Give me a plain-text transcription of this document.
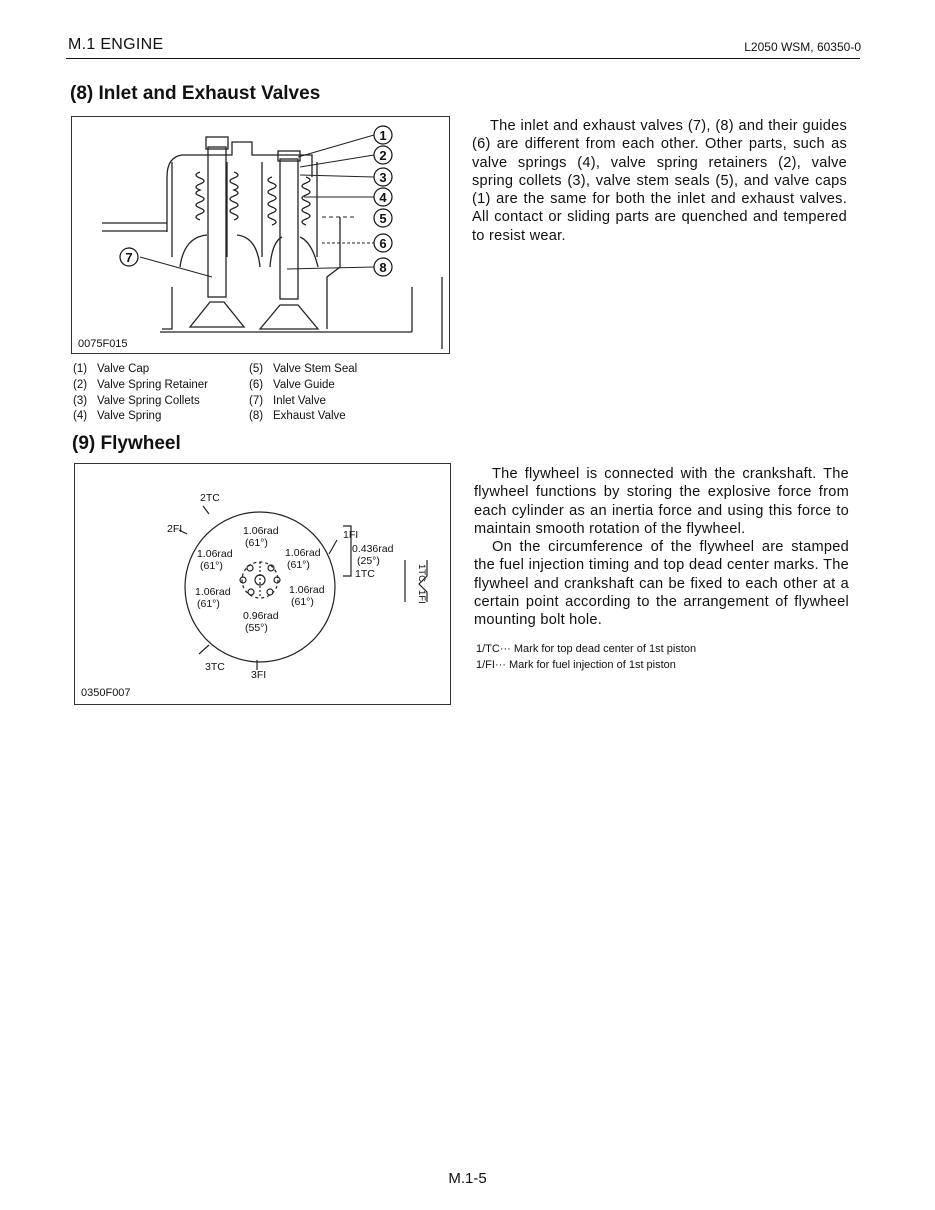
M.1 ENGINE	L2050 WSM, 60350-0
(8) Inlet and Exhaust Valves
1
2
3
4
5
6
7
8
0075F015
(1) Valve Cap
(2) Valve Spring Retainer
(3) Valve Spring Collets
(4) Valve Spring
(5) Valve Stem Seal
(6) Valve Guide
(7) Inlet Valve
(8) Exhaust Valve
The inlet and exhaust valves (7), (8) and their guides (6) are different from each other. Other parts, such as valve springs (4), valve spring retainers (2), valve spring collets (3), valve stem seals (5), and valve caps (1) are the same for both the inlet and exhaust valves. All contact or sliding parts are quenched and tempered to resist wear.
(9) Flywheel
2TC
2FI	1FI
0.436rad
(25°)
1TC
1.06rad
(61°)
1.06rad
(61°)
1.06rad
(61°)
1.06rad
(61°)
1.06rad
(61°)
0.96rad
(55°)
3TC
3FI
1TC
1FI
0350F007
The flywheel is connected with the crankshaft. The flywheel functions by storing the explosive force from each cylinder as an inertia force and using this force to maintain smooth rotation of the flywheel.
On the circumference of the flywheel are stamped the fuel injection timing and top dead center marks. The flywheel and crankshaft can be fixed to each other at a certain point according to the arrangement of flywheel mounting bolt hole.
1/TC··· Mark for top dead center of 1st piston
1/FI··· Mark for fuel injection of 1st piston
M.1-5
